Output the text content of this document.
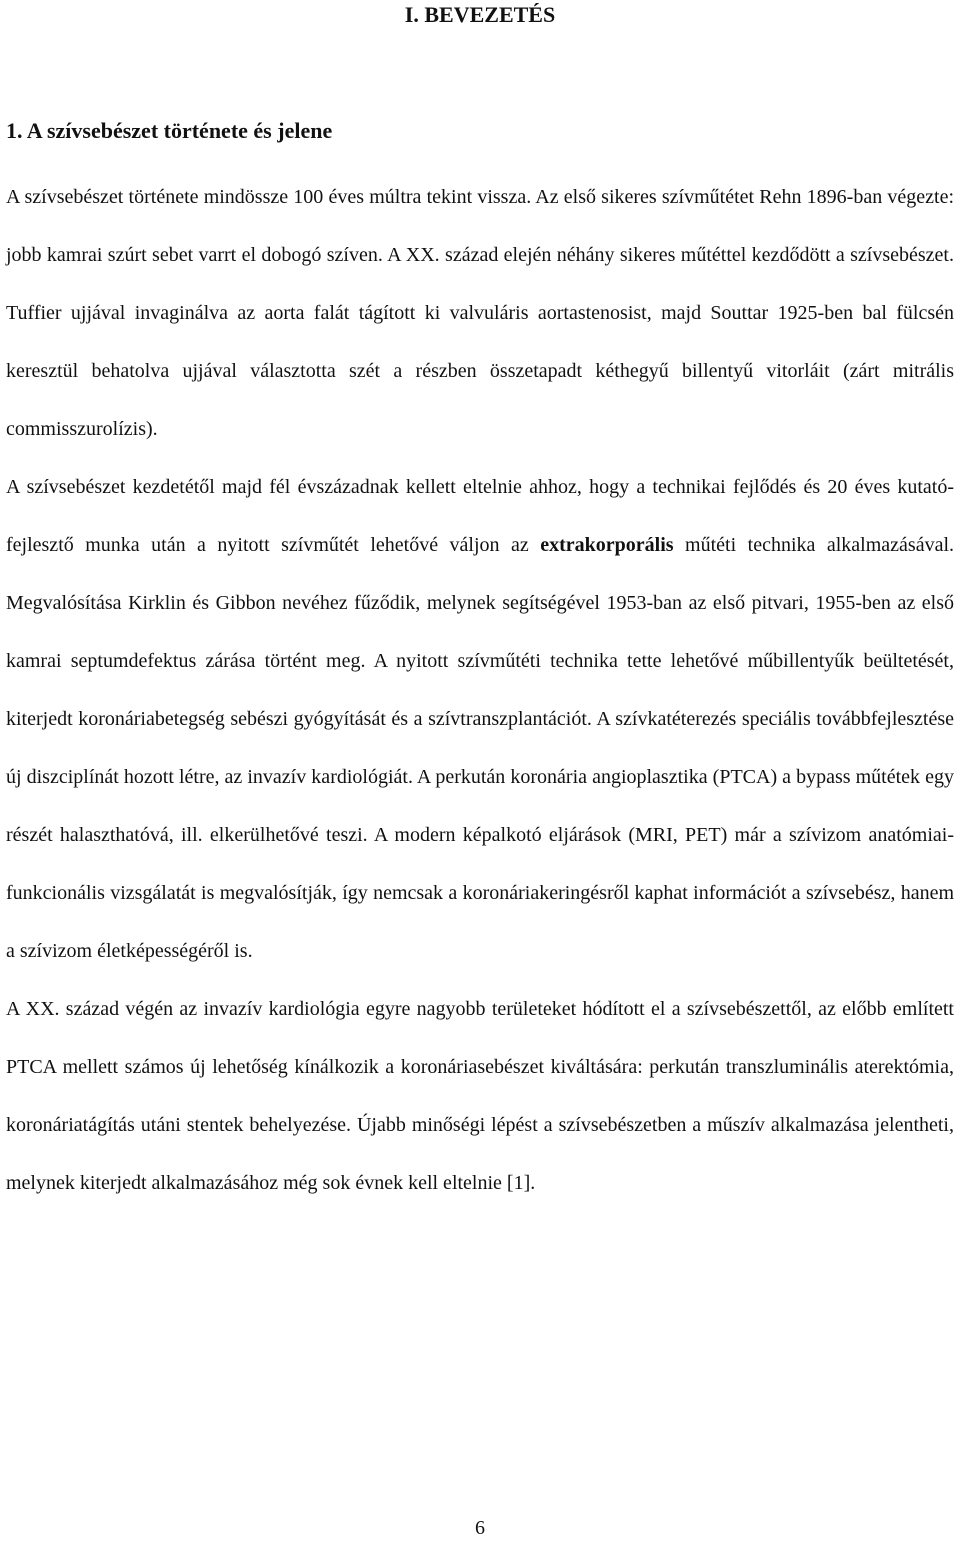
I. BEVEZETÉS
1. A szívsebészet története és jelene

A szívsebészet története mindössze 100 éves múltra tekint vissza. Az első sikeres szívműtétet Rehn 1896-ban végezte: jobb kamrai szúrt sebet varrt el dobogó szíven. A XX. század elején néhány sikeres műtéttel kezdődött a szívsebészet. Tuffier ujjával invaginálva az aorta falát tágított ki valvuláris aortastenosist, majd Souttar 1925-ben bal fülcsén keresztül behatolva ujjával választotta szét a részben összetapadt kéthegyű billentyű vitorláit (zárt mitrális commisszurolízis).

A szívsebészet kezdetétől majd fél évszázadnak kellett eltelnie ahhoz, hogy a technikai fejlődés és 20 éves kutató-fejlesztő munka után a nyitott szívműtét lehetővé váljon az extrakorporális műtéti technika alkalmazásával. Megvalósítása Kirklin és Gibbon nevéhez fűződik, melynek segítségével 1953-ban az első pitvari, 1955-ben az első kamrai septumdefektus zárása történt meg. A nyitott szívműtéti technika tette lehetővé műbillentyűk beültetését, kiterjedt koronáriabetegség sebészi gyógyítását és a szívtranszplantációt. A szívkatéterezés speciális továbbfejlesztése új diszciplínát hozott létre, az invazív kardiológiát. A perkután koronária angioplasztika (PTCA) a bypass műtétek egy részét halaszthatóvá, ill. elkerülhetővé teszi. A modern képalkotó eljárások (MRI, PET) már a szívizom anatómiai-funkcionális vizsgálatát is megvalósítják, így nemcsak a koronáriakeringésről kaphat információt a szívsebész, hanem a szívizom életképességéről is.

A XX. század végén az invazív kardiológia egyre nagyobb területeket hódított el a szívsebészettől, az előbb említett PTCA mellett számos új lehetőség kínálkozik a koronáriasebészet kiváltására: perkután transzluminális aterektómia, koronáriatágítás utáni stentek behelyezése. Újabb minőségi lépést a szívsebészetben a műszív alkalmazása jelentheti, melynek kiterjedt alkalmazásához még sok évnek kell eltelnie [1].

6
